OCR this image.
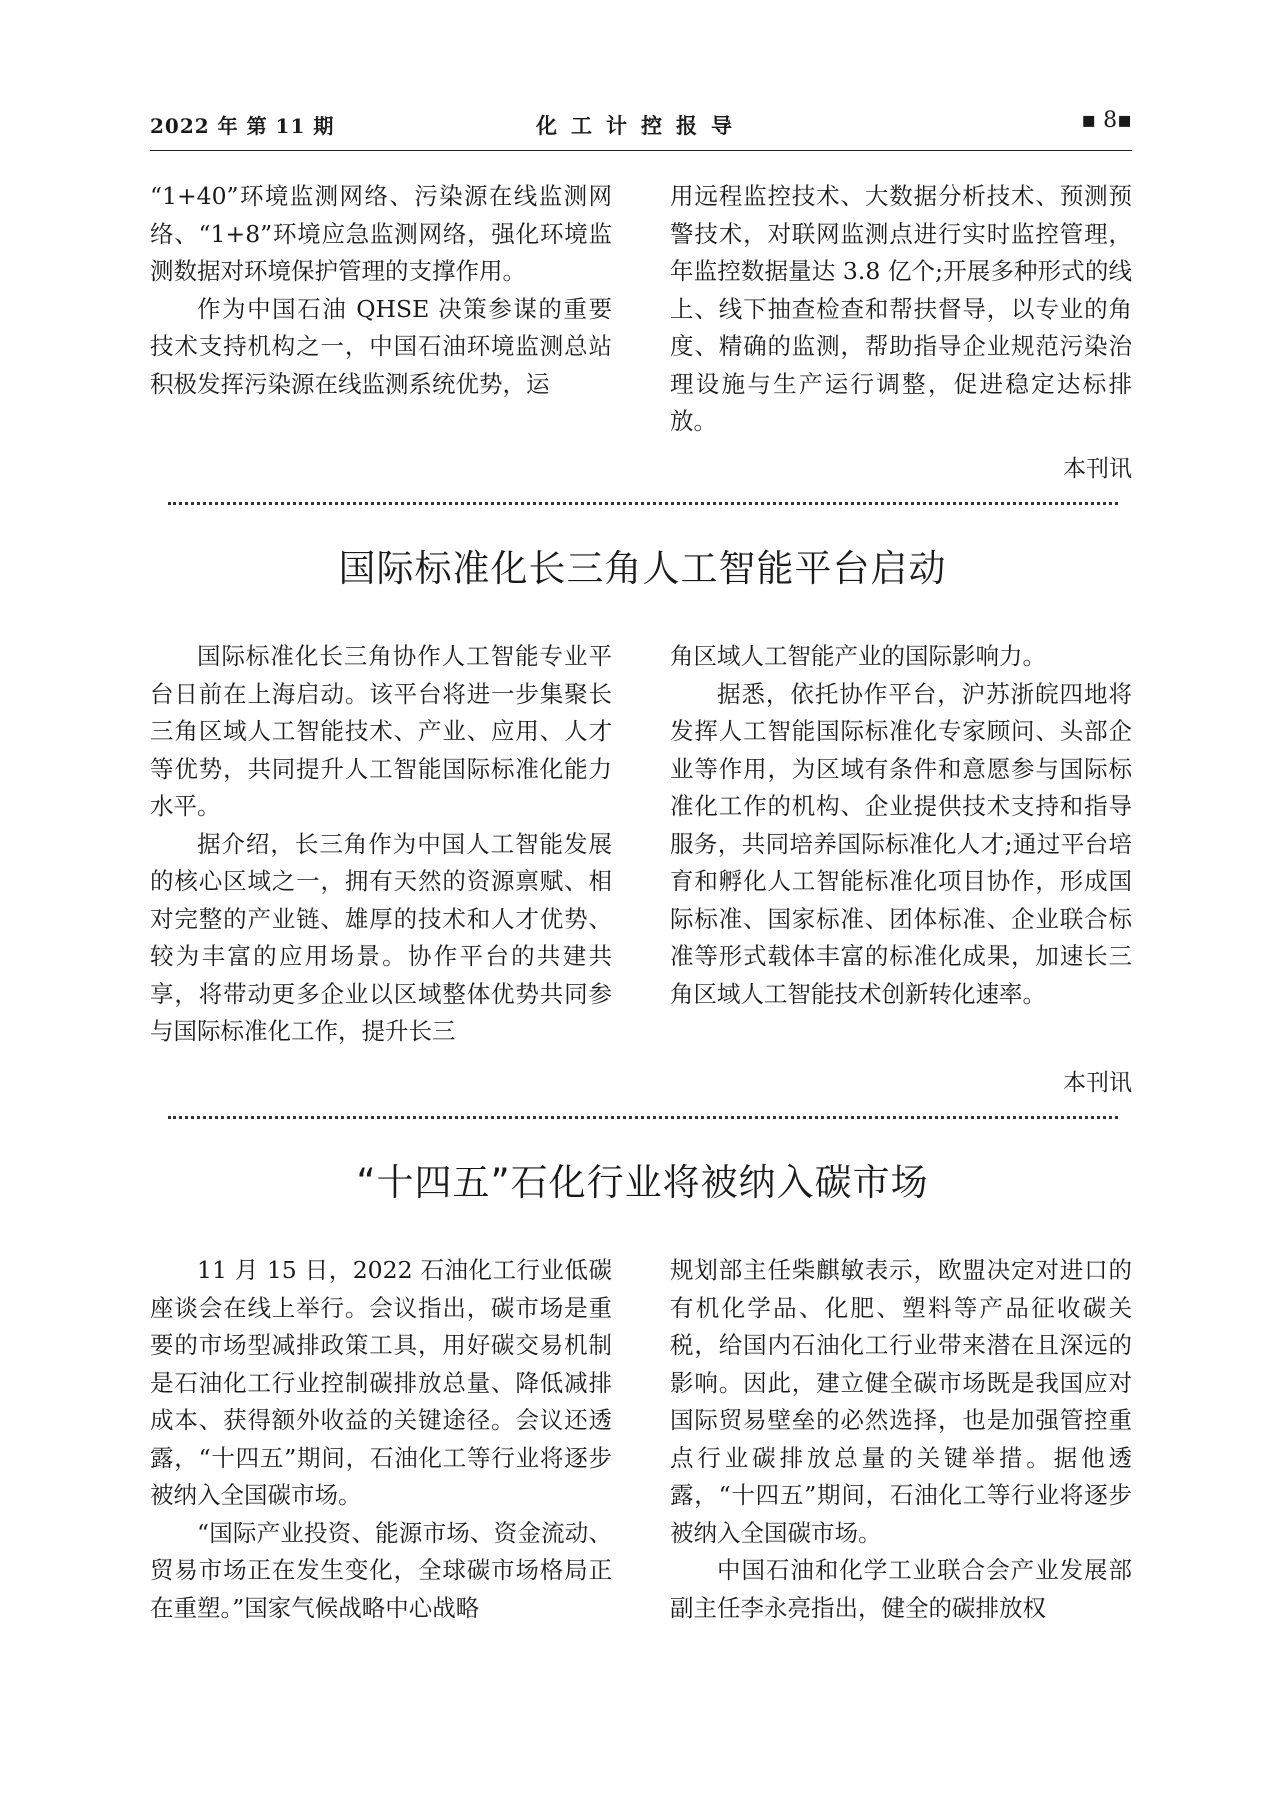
2022 年 第 11 期	化工计控报导	▪ 8▪

“1+40”环境监测网络、污染源在线监测网络、“1+8”环境应急监测网络，强化环境监测数据对环境保护管理的支撑作用。

作为中国石油 QHSE 决策参谋的重要技术支持机构之一，中国石油环境监测总站积极发挥污染源在线监测系统优势，运

用远程监控技术、大数据分析技术、预测预警技术，对联网监测点进行实时监控管理，年监控数据量达 3.8 亿个;开展多种形式的线上、线下抽查检查和帮扶督导，以专业的角度、精确的监测，帮助指导企业规范污染治理设施与生产运行调整，促进稳定达标排放。

本刊讯
国际标准化长三角人工智能平台启动

国际标准化长三角协作人工智能专业平台日前在上海启动。该平台将进一步集聚长三角区域人工智能技术、产业、应用、人才等优势，共同提升人工智能国际标准化能力水平。

据介绍，长三角作为中国人工智能发展的核心区域之一，拥有天然的资源禀赋、相对完整的产业链、雄厚的技术和人才优势、较为丰富的应用场景。协作平台的共建共享，将带动更多企业以区域整体优势共同参与国际标准化工作，提升长三

角区域人工智能产业的国际影响力。

据悉，依托协作平台，沪苏浙皖四地将发挥人工智能国际标准化专家顾问、头部企业等作用，为区域有条件和意愿参与国际标准化工作的机构、企业提供技术支持和指导服务，共同培养国际标准化人才;通过平台培育和孵化人工智能标准化项目协作，形成国际标准、国家标准、团体标准、企业联合标准等形式载体丰富的标准化成果，加速长三角区域人工智能技术创新转化速率。

本刊讯
“十四五”石化行业将被纳入碳市场

11 月 15 日，2022 石油化工行业低碳座谈会在线上举行。会议指出，碳市场是重要的市场型减排政策工具，用好碳交易机制是石油化工行业控制碳排放总量、降低减排成本、获得额外收益的关键途径。会议还透露，“十四五”期间，石油化工等行业将逐步被纳入全国碳市场。

“国际产业投资、能源市场、资金流动、贸易市场正在发生变化，全球碳市场格局正在重塑。”国家气候战略中心战略

规划部主任柴麒敏表示，欧盟决定对进口的有机化学品、化肥、塑料等产品征收碳关税，给国内石油化工行业带来潜在且深远的影响。因此，建立健全碳市场既是我国应对国际贸易壁垒的必然选择，也是加强管控重点行业碳排放总量的关键举措。据他透露，“十四五”期间，石油化工等行业将逐步被纳入全国碳市场。

中国石油和化学工业联合会产业发展部副主任李永亮指出，健全的碳排放权
